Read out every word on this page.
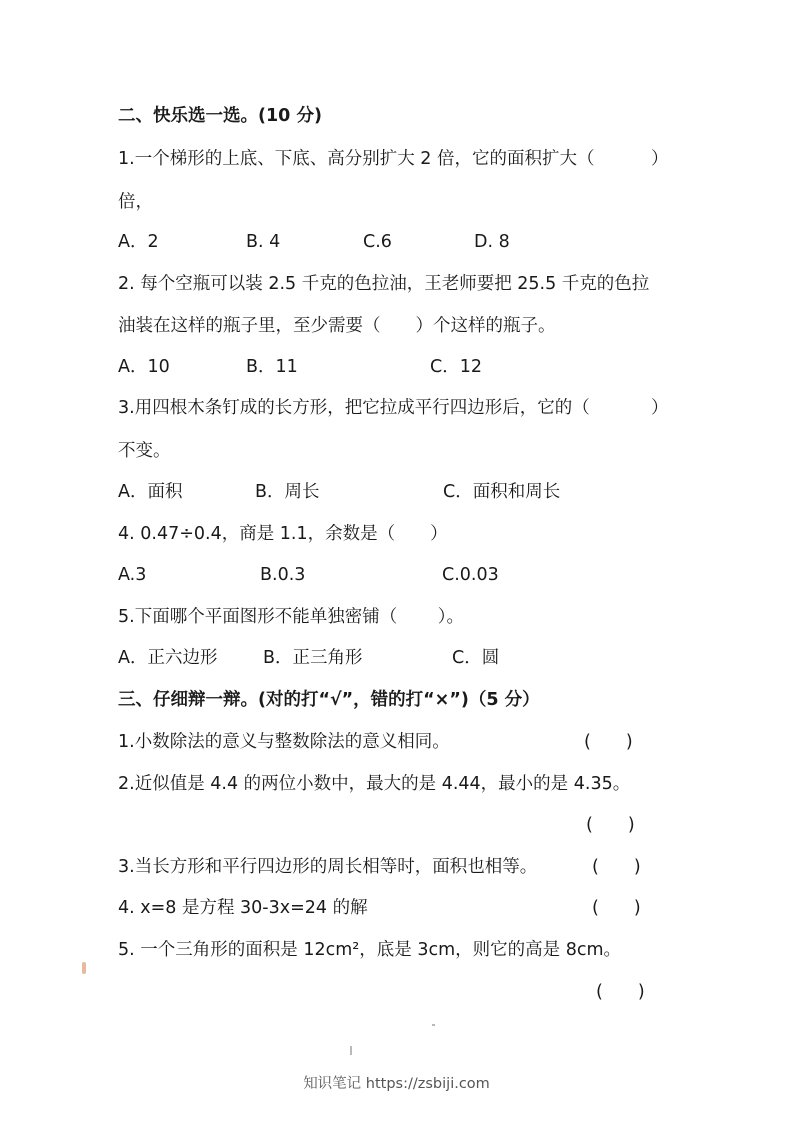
二、快乐选一选。(10 分)
1.一个梯形的上底、下底、高分别扩大 2 倍，它的面积扩大（	）
倍，
A．2	B. 4	C.6	D. 8
2. 每个空瓶可以装 2.5 千克的色拉油，王老师要把 25.5 千克的色拉
油装在这样的瓶子里，至少需要（　　）个这样的瓶子。
A．10	B．11	C．12
3.用四根木条钉成的长方形，把它拉成平行四边形后，它的（	）
不变。
A．面积	B．周长	C．面积和周长
4. 0.47÷0.4，商是 1.1，余数是（　　）
A.3	B.0.3	C.0.03
5.下面哪个平面图形不能单独密铺（　　 ）。
A．正六边形	B．正三角形	C．圆
三、仔细辩一辩。(对的打“√”，错的打“×”)（5 分）
1.小数除法的意义与整数除法的意义相同。	(　　)
2.近似值是 4.4 的两位小数中，最大的是 4.44，最小的是 4.35。
(　　)
3.当长方形和平行四边形的周长相等时，面积也相等。	(　　)
4. x=8 是方程 30-3x=24 的解	(　　)
5. 一个三角形的面积是 12cm²，底是 3cm，则它的高是 8cm。
(　　)
知识笔记 https://zsbiji.com
